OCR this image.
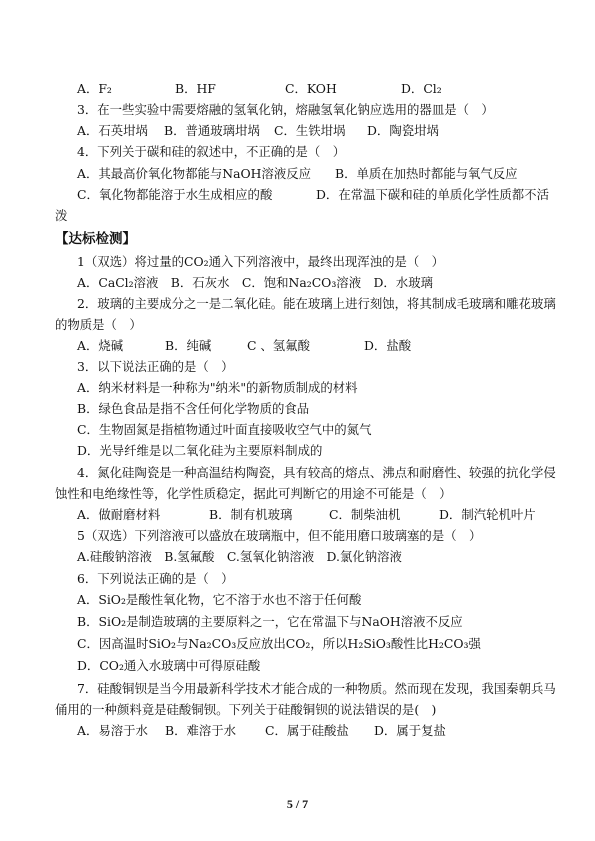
A．F₂	B．HF	C．KOH	D．Cl₂
3．在一些实验中需要熔融的氢氧化钠，熔融氢氧化钠应选用的器皿是（　）
A．石英坩埚 B．普通玻璃坩埚 C．生铁坩埚 D．陶瓷坩埚
4．下列关于碳和硅的叙述中，不正确的是（　）
A．其最高价氧化物都能与NaOH溶液反应 B．单质在加热时都能与氧气反应
C．氧化物都能溶于水生成相应的酸	D．在常温下碳和硅的单质化学性质都不活
泼
【达标检测】
1（双选）将过量的CO₂通入下列溶液中，最终出现浑浊的是（　）
A．CaCl₂溶液　B．石灰水　C．饱和Na₂CO₃溶液　D．水玻璃
2．玻璃的主要成分之一是二氧化硅。能在玻璃上进行刻蚀，将其制成毛玻璃和雕花玻璃
的物质是（　）
A．烧碱	B．纯碱	C 、氢氟酸	D．盐酸
3．以下说法正确的是（　）
A．纳米材料是一种称为"纳米"的新物质制成的材料
B．绿色食品是指不含任何化学物质的食品
C．生物固氮是指植物通过叶面直接吸收空气中的氮气
D．光导纤维是以二氧化硅为主要原料制成的
4．氮化硅陶瓷是一种高温结构陶瓷，具有较高的熔点、沸点和耐磨性、较强的抗化学侵
蚀性和电绝缘性等，化学性质稳定，据此可判断它的用途不可能是（　）
A．做耐磨材料	B．制有机玻璃	C．制柴油机	D．制汽轮机叶片
5（双选）下列溶液可以盛放在玻璃瓶中，但不能用磨口玻璃塞的是（　）
A.硅酸钠溶液　B.氢氟酸　C.氢氧化钠溶液　D.氯化钠溶液
6．下列说法正确的是（　）
A．SiO₂是酸性氧化物，它不溶于水也不溶于任何酸
B．SiO₂是制造玻璃的主要原料之一，它在常温下与NaOH溶液不反应
C．因高温时SiO₂与Na₂CO₃反应放出CO₂，所以H₂SiO₃酸性比H₂CO₃强
D．CO₂通入水玻璃中可得原硅酸
7．硅酸铜钡是当今用最新科学技术才能合成的一种物质。然而现在发现，我国秦朝兵马
俑用的一种颜料竟是硅酸铜钡。下列关于硅酸铜钡的说法错误的是(　)
A．易溶于水 B．难溶于水 C．属于硅酸盐 D．属于复盐
5 / 7
